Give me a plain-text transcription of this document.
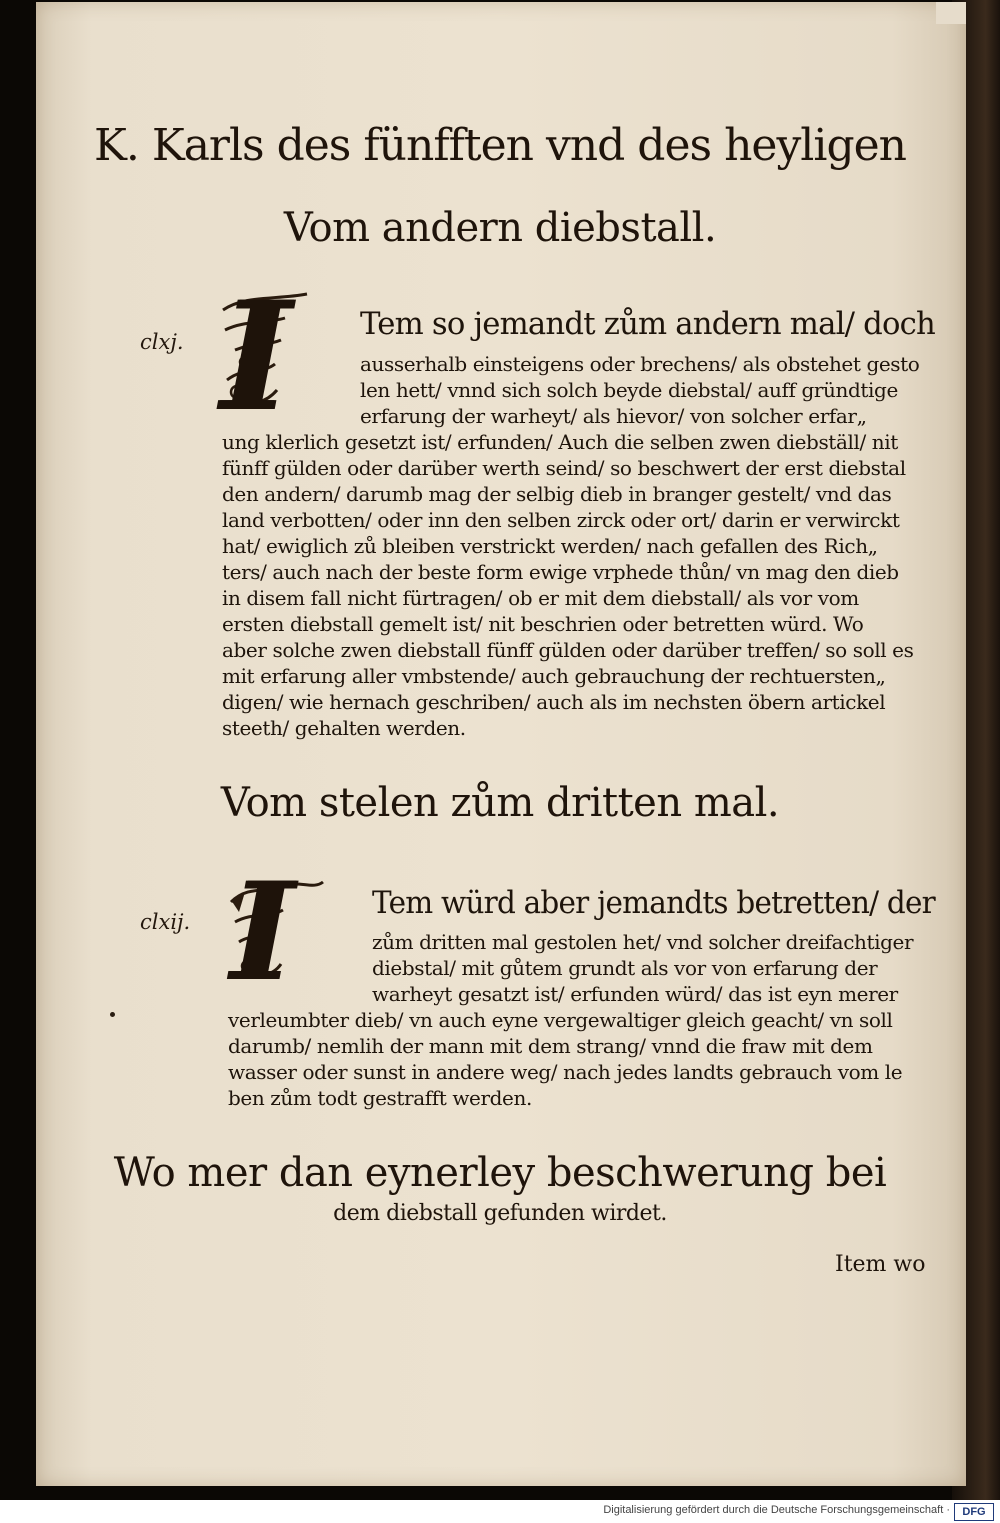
K. Karls des fünfften vnd des heyligen
Vom andern diebstall.
clxj. I Tem so jemandt zům andern mal/ doch
ausserhalb einsteigens oder brechens/ als obstehet gesto
len hett/ vnnd sich solch beyde diebstal/ auff gründtige
erfarung der warheyt/ als hievor/ von solcher erfar„
ung klerlich gesetzt ist/ erfunden/ Auch die selben zwen diebställ/ nit
fünff gülden oder darüber werth seind/ so beschwert der erst diebstal
den andern/ darumb mag der selbig dieb in branger gestelt/ vnd das
land verbotten/ oder inn den selben zirck oder ort/ darin er verwirckt
hat/ ewiglich zů bleiben verstrickt werden/ nach gefallen des Rich„
ters/ auch nach der beste form ewige vrphede thůn/ vn mag den dieb
in disem fall nicht fürtragen/ ob er mit dem diebstall/ als vor vom
ersten diebstall gemelt ist/ nit beschrien oder betretten würd. Wo
aber solche zwen diebstall fünff gülden oder darüber treffen/ so soll es
mit erfarung aller vmbstende/ auch gebrauchung der rechtuersten„
digen/ wie hernach geschriben/ auch als im nechsten öbern artickel
steeth/ gehalten werden.
Vom stelen zům dritten mal.
clxij. I	Tem würd aber jemandts betretten/ der
zům dritten mal gestolen het/ vnd solcher dreifachtiger
diebstal/ mit gůtem grundt als vor von erfarung der
warheyt gesatzt ist/ erfunden würd/ das ist eyn merer
verleumbter dieb/ vn auch eyne vergewaltiger gleich geacht/ vn soll
darumb/ nemlih der mann mit dem strang/ vnnd die fraw mit dem
wasser oder sunst in andere weg/ nach jedes landts gebrauch vom le
ben zům todt gestrafft werden.
Wo mer dan eynerley beschwerung bei
dem diebstall gefunden wirdet.
Item wo
Digitalisierung gefördert durch die Deutsche Forschungsgemeinschaft ·	DFG
